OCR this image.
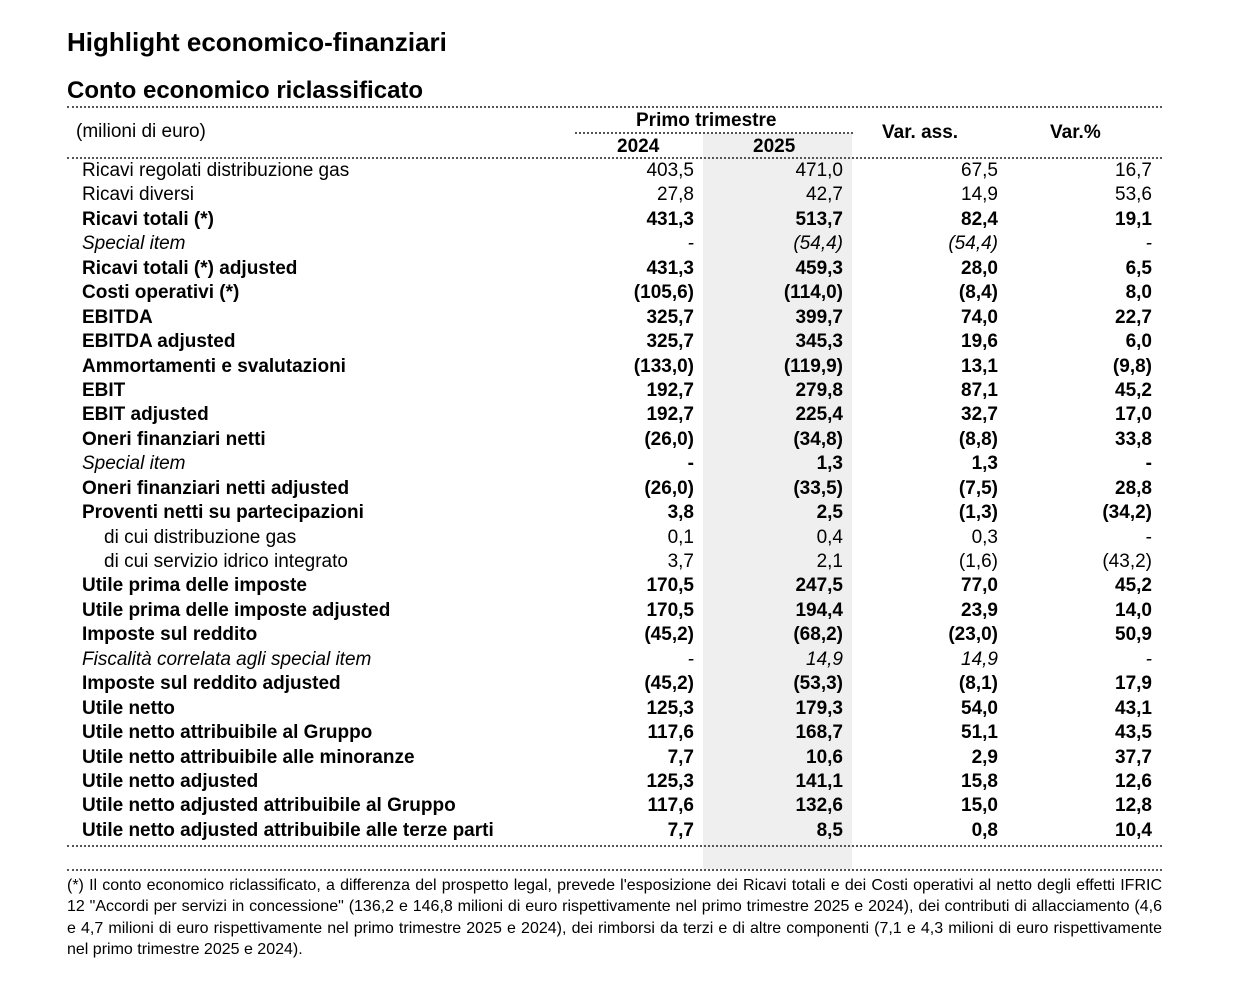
Highlight economico-finanziari
Conto economico riclassificato
(milioni di euro)
Primo trimestre
2024	2025
Var. ass.	Var.%
Ricavi regolati distribuzione gas	403,5	471,0	67,5	16,7
Ricavi diversi	27,8	42,7	14,9	53,6
Ricavi totali (*)	431,3	513,7	82,4	19,1
Special item	-	(54,4)	(54,4)	-
Ricavi totali (*) adjusted	431,3	459,3	28,0	6,5
Costi operativi (*)	(105,6)	(114,0)	(8,4)	8,0
EBITDA	325,7	399,7	74,0	22,7
EBITDA adjusted	325,7	345,3	19,6	6,0
Ammortamenti e svalutazioni	(133,0)	(119,9)	13,1	(9,8)
EBIT	192,7	279,8	87,1	45,2
EBIT adjusted	192,7	225,4	32,7	17,0
Oneri finanziari netti	(26,0)	(34,8)	(8,8)	33,8
Special item	-	1,3	1,3	-
Oneri finanziari netti adjusted	(26,0)	(33,5)	(7,5)	28,8
Proventi netti su partecipazioni	3,8	2,5	(1,3)	(34,2)
di cui distribuzione gas	0,1	0,4	0,3	-
di cui servizio idrico integrato	3,7	2,1	(1,6)	(43,2)
Utile prima delle imposte	170,5	247,5	77,0	45,2
Utile prima delle imposte adjusted	170,5	194,4	23,9	14,0
Imposte sul reddito	(45,2)	(68,2)	(23,0)	50,9
Fiscalità correlata agli special item	-	14,9	14,9	-
Imposte sul reddito adjusted	(45,2)	(53,3)	(8,1)	17,9
Utile netto	125,3	179,3	54,0	43,1
Utile netto attribuibile al Gruppo	117,6	168,7	51,1	43,5
Utile netto attribuibile alle minoranze	7,7	10,6	2,9	37,7
Utile netto adjusted	125,3	141,1	15,8	12,6
Utile netto adjusted attribuibile al Gruppo	117,6	132,6	15,0	12,8
Utile netto adjusted attribuibile alle terze parti	7,7	8,5	0,8	10,4

(*) Il conto economico riclassificato, a differenza del prospetto legal, prevede l'esposizione dei Ricavi totali e dei Costi operativi al netto degli effetti IFRIC 12 "Accordi per servizi in concessione" (136,2 e 146,8 milioni di euro rispettivamente nel primo trimestre 2025 e 2024), dei contributi di allacciamento (4,6 e 4,7 milioni di euro rispettivamente nel primo trimestre 2025 e 2024), dei rimborsi da terzi e di altre componenti (7,1 e 4,3 milioni di euro rispettivamente nel primo trimestre 2025 e 2024).
